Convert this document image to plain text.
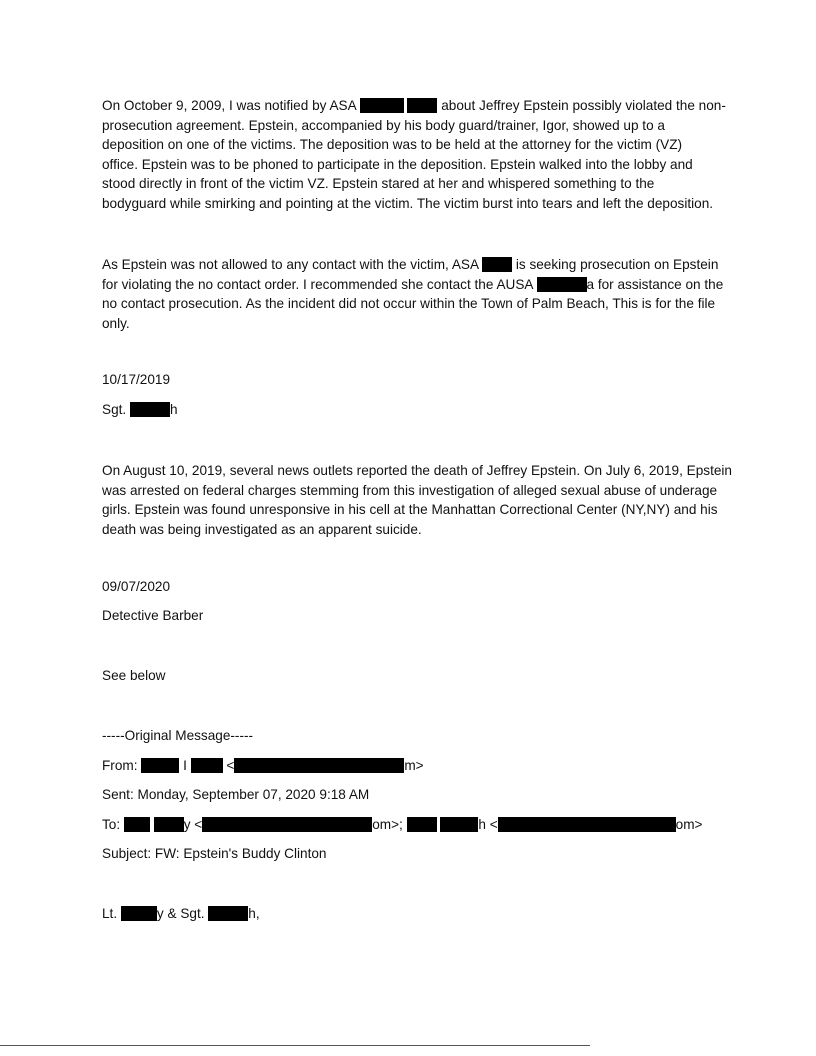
On October 9, 2009, I was notified by ASA	about Jeffrey Epstein possibly violated the non-
prosecution agreement. Epstein, accompanied by his body guard/trainer, Igor, showed up to a
deposition on one of the victims. The deposition was to be held at the attorney for the victim (VZ)
office. Epstein was to be phoned to participate in the deposition. Epstein walked into the lobby and
stood directly in front of the victim VZ. Epstein stared at her and whispered something to the
bodyguard while smirking and pointing at the victim. The victim burst into tears and left the deposition.
As Epstein was not allowed to any contact with the victim, ASA	is seeking prosecution on Epstein
for violating the no contact order. I recommended she contact the AUSA	a for assistance on the
no contact prosecution. As the incident did not occur within the Town of Palm Beach, This is for the file
only.
10/17/2019
Sgt.	h
On August 10, 2019, several news outlets reported the death of Jeffrey Epstein. On July 6, 2019, Epstein
was arrested on federal charges stemming from this investigation of alleged sexual abuse of underage
girls. Epstein was found unresponsive in his cell at the Manhattan Correctional Center (NY,NY) and his
death was being investigated as an apparent suicide.
09/07/2020
Detective Barber
See below
-----Original Message-----
From:	I	<	m>
Sent: Monday, September 07, 2020 9:18 AM
To:	y <	om>;	h <	om>
Subject: FW: Epstein's Buddy Clinton
Lt.	y & Sgt.	h,
